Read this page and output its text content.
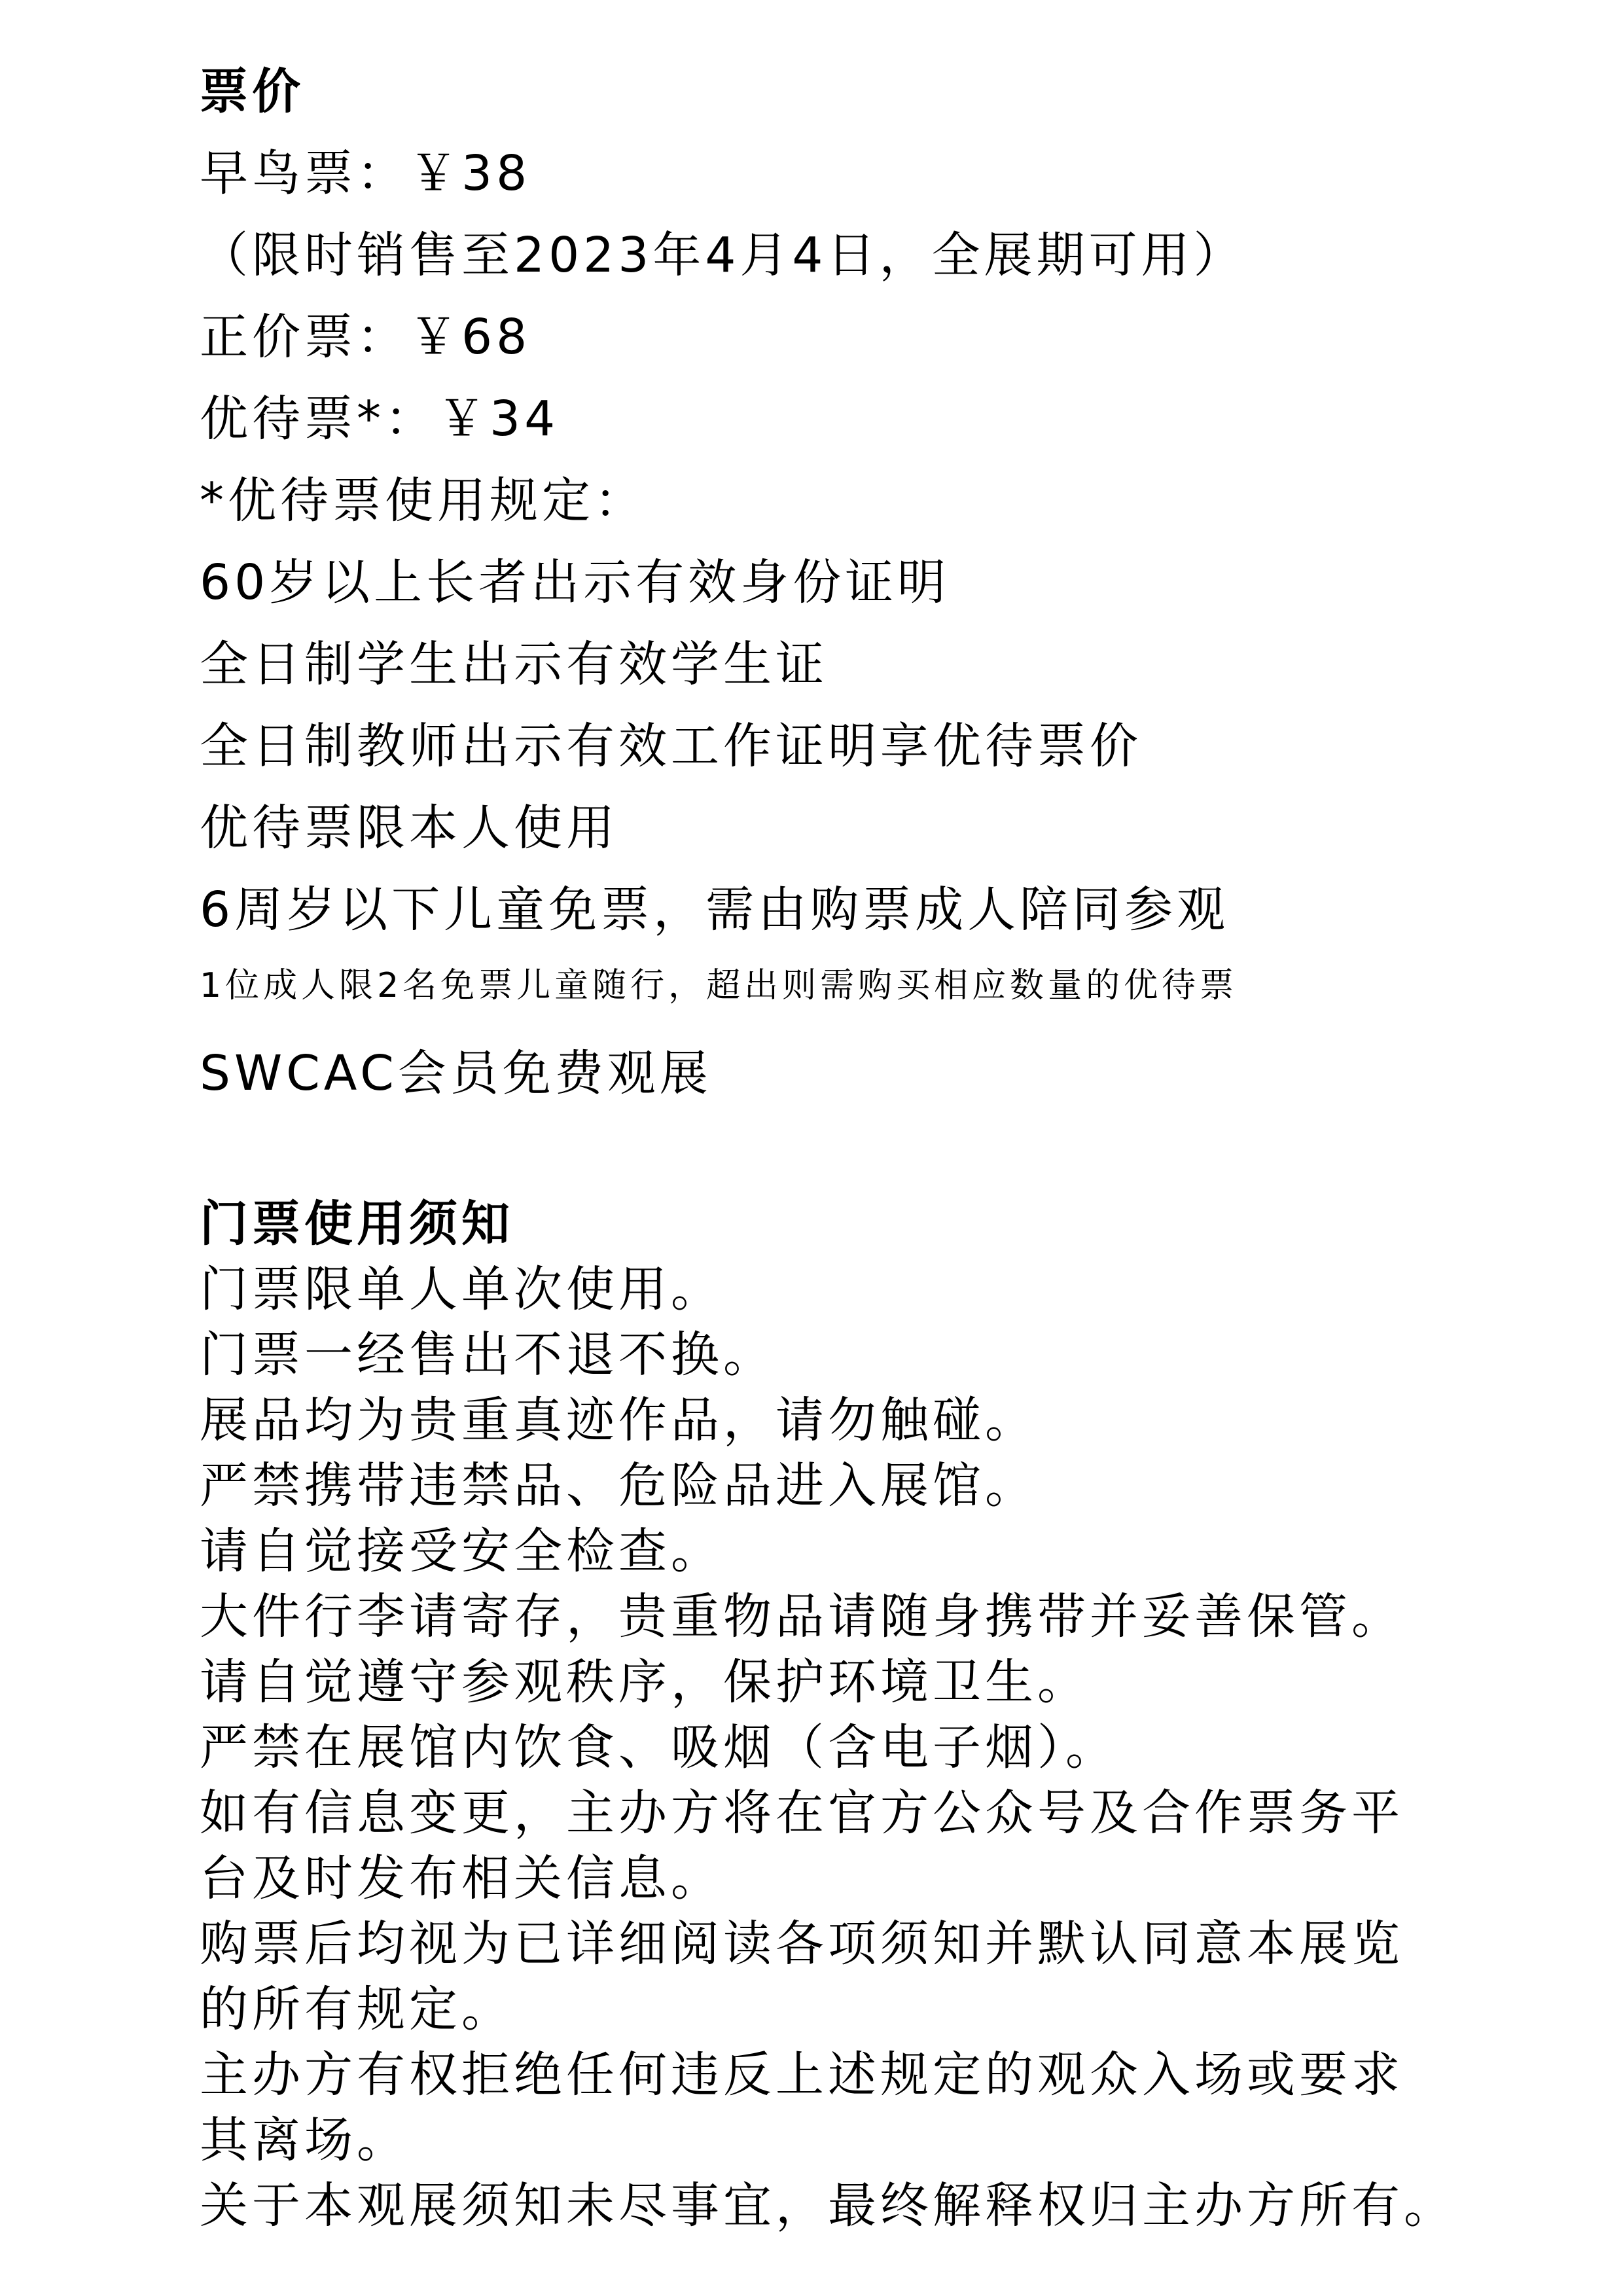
票价
早鸟票：￥38
（限时销售至2023年4月4日，全展期可用）
正价票：￥68
优待票*：￥34
*优待票使用规定：
60岁以上长者出示有效身份证明
全日制学生出示有效学生证
全日制教师出示有效工作证明享优待票价
优待票限本人使用
6周岁以下儿童免票，需由购票成人陪同参观
1位成人限2名免票儿童随行，超出则需购买相应数量的优待票
SWCAC会员免费观展
门票使用须知
门票限单人单次使用。
门票一经售出不退不换。
展品均为贵重真迹作品，请勿触碰。
严禁携带违禁品、危险品进入展馆。
请自觉接受安全检查。
大件行李请寄存，贵重物品请随身携带并妥善保管。
请自觉遵守参观秩序，保护环境卫生。
严禁在展馆内饮食、吸烟（含电子烟）。
如有信息变更，主办方将在官方公众号及合作票务平
台及时发布相关信息。
购票后均视为已详细阅读各项须知并默认同意本展览
的所有规定。
主办方有权拒绝任何违反上述规定的观众入场或要求
其离场。
关于本观展须知未尽事宜，最终解释权归主办方所有。
